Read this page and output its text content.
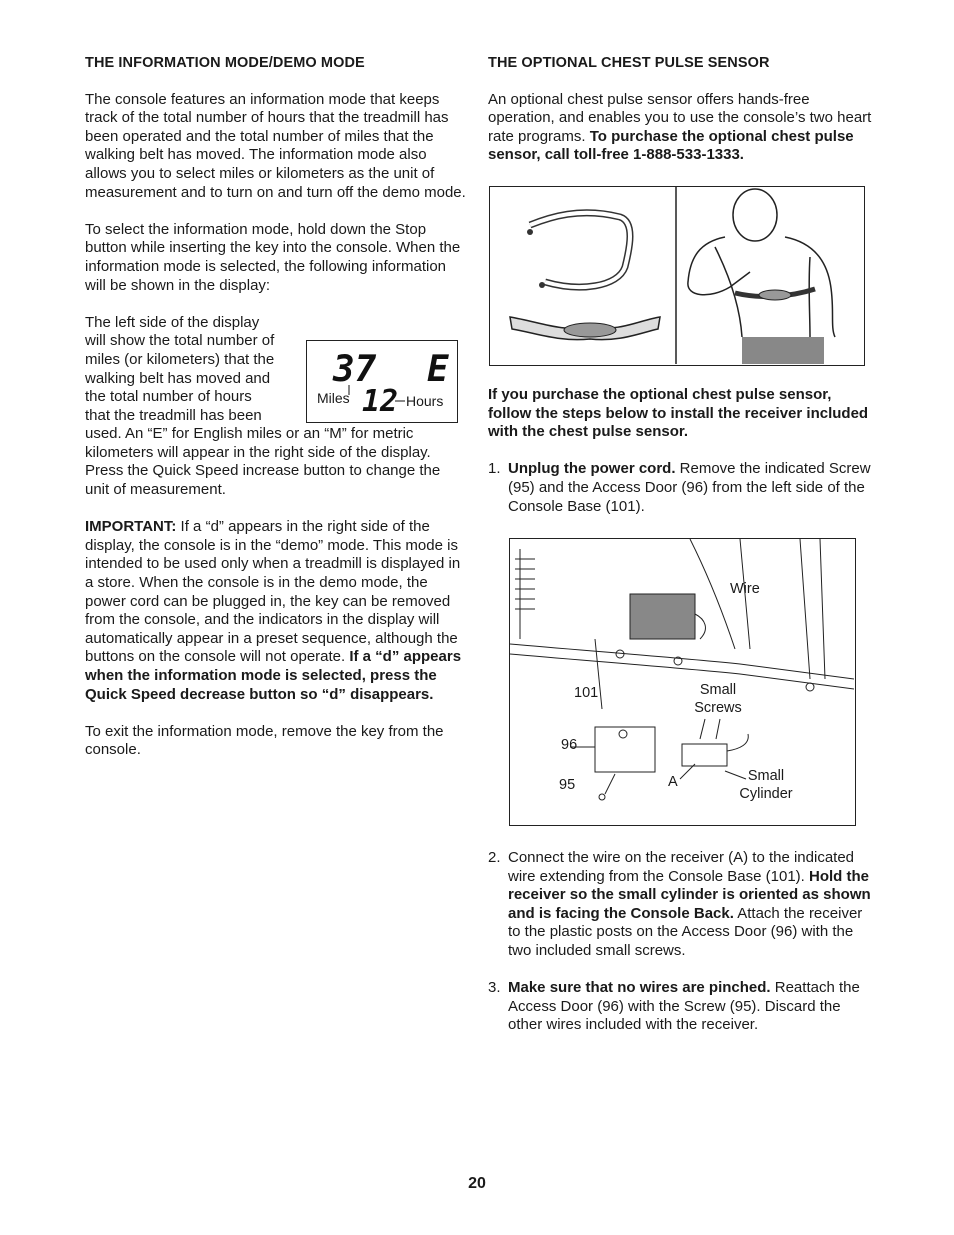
THE INFORMATION MODE/DEMO MODE

The console features an information mode that keeps track of the total number of hours that the treadmill has been operated and the total number of miles that the walking belt has moved. The information mode also allows you to select miles or kilometers as the unit of measurement and to turn on and turn off the demo mode.

To select the information mode, hold down the Stop button while inserting the key into the console. When the information mode is selected, the following information will be shown in the display:

The left side of the display
will show the total number of
miles (or kilometers) that the
walking belt has moved and
the total number of hours
that the treadmill has been

used. An “E” for English miles or an “M” for metric kilometers will appear in the right side of the display. Press the Quick Speed increase button to change the unit of measurement.

IMPORTANT: If a “d” appears in the right side of the display, the console is in the “demo” mode. This mode is intended to be used only when a treadmill is displayed in a store. When the console is in the demo mode, the power cord can be plugged in, the key can be removed from the console, and the indicators in the display will automatically appear in a preset sequence, although the buttons on the console will not operate. If a “d” appears when the information mode is selected, press the Quick Speed decrease button so “d” disappears.

To exit the information mode, remove the key from the console.

37 E
12
Miles	Hours
THE OPTIONAL CHEST PULSE SENSOR

An optional chest pulse sensor offers hands-free operation, and enables you to use the console’s two heart rate programs. To purchase the optional chest pulse sensor, call toll-free 1-888-533-1333.

If you purchase the optional chest pulse sensor, follow the steps below to install the receiver included with the chest pulse sensor.

1. Unplug the power cord. Remove the indicated Screw (95) and the Access Door (96) from the left side of the Console Base (101).
Wire
101	Small Screws
96
95	A	Small Cylinder
2. Connect the wire on the receiver (A) to the indicated wire extending from the Console Base (101). Hold the receiver so the small cylinder is oriented as shown and is facing the Console Back. Attach the receiver to the plastic posts on the Access Door (96) with the two included small screws.
3. Make sure that no wires are pinched. Reattach the Access Door (96) with the Screw (95). Discard the other wires included with the receiver.
20
